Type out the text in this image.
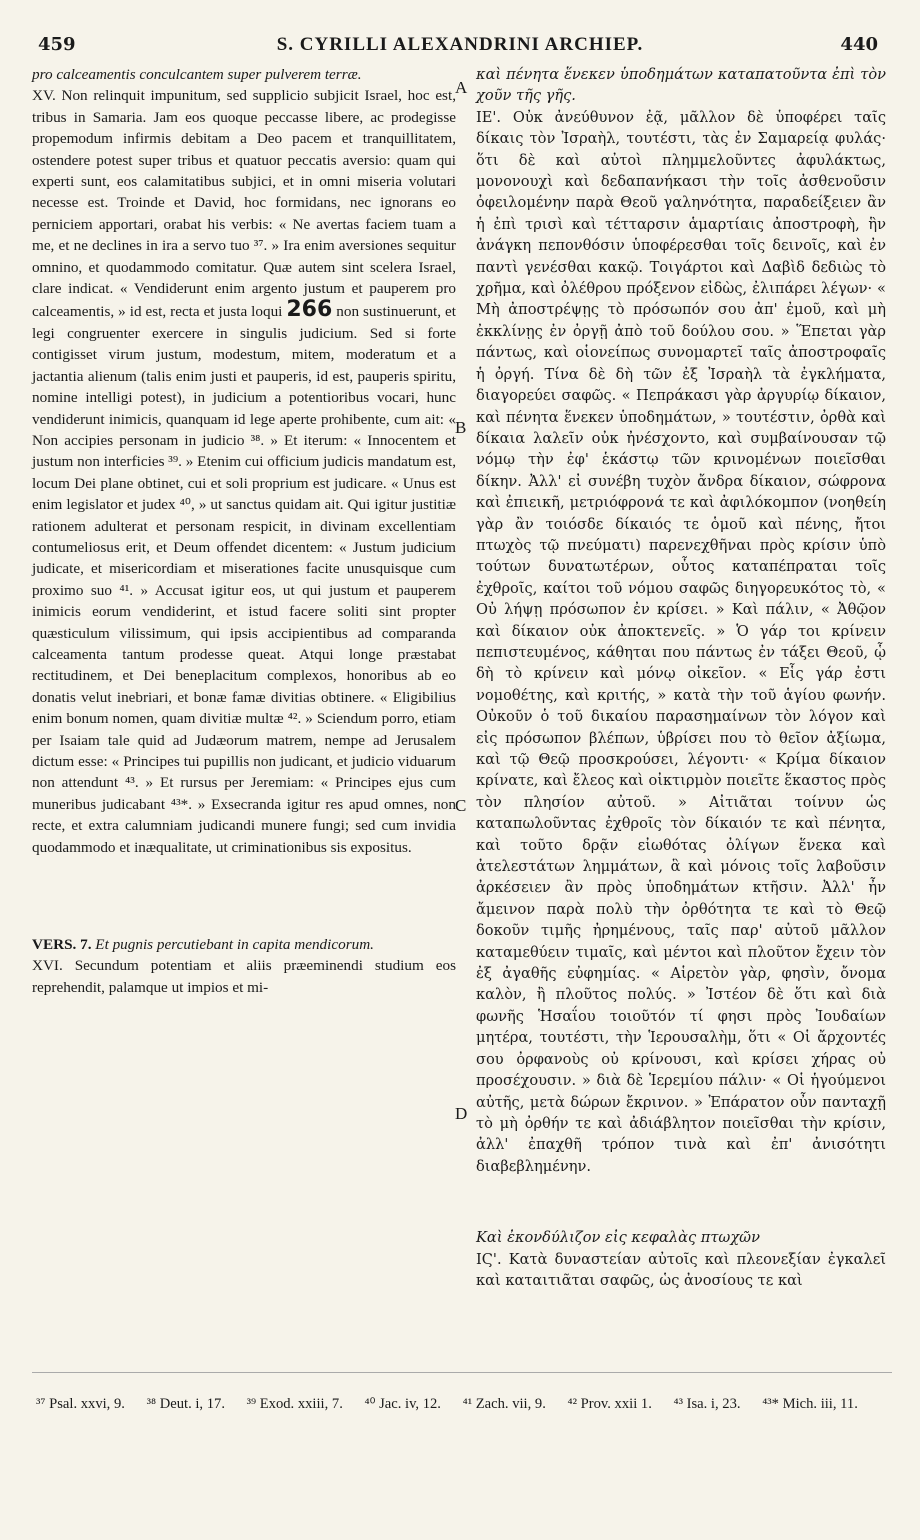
459	S. CYRILLI ALEXANDRINI ARCHIEP.	440

pro calceamentis conculcantem super pulverem terræ.

XV. Non relinquit impunitum, sed supplicio subjicit Israel, hoc est, tribus in Samaria. Jam eos quoque peccasse libere, ac prodegisse propemodum infirmis debitam a Deo pacem et tranquillitatem, ostendere potest super tribus et quatuor peccatis aversio: quam qui experti sunt, eos calamitatibus subjici, et in omni miseria volutari necesse est. Troinde et David, hoc formidans, nec ignorans eo perniciem apportari, orabat his verbis: « Ne avertas faciem tuam a me, et ne declines in ira a servo tuo ³⁷. » Ira enim aversiones sequitur omnino, et quodammodo comitatur. Quæ autem sint scelera Israel, clare indicat. « Vendiderunt enim argento justum et pauperem pro calceamentis, » id est, recta et justa loqui 266 non sustinuerunt, et legi congruenter exercere in singulis judicium. Sed si forte contigisset virum justum, modestum, mitem, moderatum et a jactantia alienum (talis enim justi et pauperis, id est, pauperis spiritu, nomine intelligi potest), in judicium a potentioribus vocari, hunc vendiderunt inimicis, quanquam id lege aperte prohibente, cum ait: « Non accipies personam in judicio ³⁸. » Et iterum: « Innocentem et justum non interficies ³⁹. » Etenim cui officium judicis mandatum est, locum Dei plane obtinet, cui et soli proprium est judicare. « Unus est enim legislator et judex ⁴⁰, » ut sanctus quidam ait. Qui igitur justitiæ rationem adulterat et personam respicit, in divinam excellentiam contumeliosus erit, et Deum offendet dicentem: « Justum judicium judicate, et misericordiam et miserationes facite unusquisque cum proximo suo ⁴¹. » Accusat igitur eos, ut qui justum et pauperem inimicis eorum vendiderint, et istud facere soliti sint propter quæsticulum vilissimum, qui ipsis accipientibus ad comparanda calceamenta tantum prodesse queat. Atqui longe præstabat rectitudinem, et Dei beneplacitum complexos, honoribus ab eo donatis velut inebriari, et bonæ famæ divitias obtinere. « Eligibilius enim bonum nomen, quam divitiæ multæ ⁴². » Sciendum porro, etiam per Isaiam tale quid ad Judæorum matrem, nempe ad Jerusalem dictum esse: « Principes tui pupillis non judicant, et judicio viduarum non attendunt ⁴³. » Et rursus per Jeremiam: « Principes ejus cum muneribus judicabant ⁴³*. » Exsecranda igitur res apud omnes, non recte, et extra calumniam judicandi munere fungi; sed cum invidia quodammodo et inæqualitate, ut criminationibus sis expositus.

VERS. 7. Et pugnis percutiebant in capita mendicorum.

XVI. Secundum potentiam et aliis præeminendi studium eos reprehendit, palamque ut impios et mi-

A
B
C
D

καὶ πένητα ἕνεκεν ὑποδημάτων καταπατοῦντα ἐπὶ τὸν χοῦν τῆς γῆς.

ΙΕ'. Οὐκ ἀνεύθυνον ἐᾷ, μᾶλλον δὲ ὑποφέρει ταῖς δίκαις τὸν Ἰσραὴλ, τουτέστι, τὰς ἐν Σαμαρείᾳ φυλάς· ὅτι δὲ καὶ αὐτοὶ πλημμελοῦντες ἀφυλάκτως, μονονουχὶ καὶ δεδαπανήκασι τὴν τοῖς ἀσθενοῦσιν ὀφειλομένην παρὰ Θεοῦ γαληνότητα, παραδείξειεν ἂν ἡ ἐπὶ τρισὶ καὶ τέτταρσιν ἁμαρτίαις ἀποστροφὴ, ἣν ἀνάγκη πεπονθόσιν ὑποφέρεσθαι τοῖς δεινοῖς, καὶ ἐν παντὶ γενέσθαι κακῷ. Τοιγάρτοι καὶ Δαβὶδ δεδιὼς τὸ χρῆμα, καὶ ὀλέθρου πρόξενον εἰδὼς, ἐλιπάρει λέγων· « Μὴ ἀποστρέψῃς τὸ πρόσωπόν σου ἀπ' ἐμοῦ, καὶ μὴ ἐκκλίνῃς ἐν ὀργῇ ἀπὸ τοῦ δούλου σου. » Ἕπεται γὰρ πάντως, καὶ οἱονείπως συνομαρτεῖ ταῖς ἀποστροφαῖς ἡ ὀργή. Τίνα δὲ δὴ τῶν ἐξ Ἰσραὴλ τὰ ἐγκλήματα, διαγορεύει σαφῶς. « Πεπράκασι γὰρ ἀργυρίῳ δίκαιον, καὶ πένητα ἕνεκεν ὑποδημάτων, » τουτέστιν, ὀρθὰ καὶ δίκαια λαλεῖν οὐκ ἠνέσχοντο, καὶ συμβαίνουσαν τῷ νόμῳ τὴν ἐφ' ἑκάστῳ τῶν κρινομένων ποιεῖσθαι δίκην. Ἀλλ' εἰ συνέβη τυχὸν ἄνδρα δίκαιον, σώφρονα καὶ ἐπιεικῆ, μετριόφρονά τε καὶ ἀφιλόκομπον (νοηθείη γὰρ ἂν τοιόσδε δίκαιός τε ὁμοῦ καὶ πένης, ἤτοι πτωχὸς τῷ πνεύματι) παρενεχθῆναι πρὸς κρίσιν ὑπὸ τούτων δυνατωτέρων, οὗτος καταπέπραται τοῖς ἐχθροῖς, καίτοι τοῦ νόμου σαφῶς διηγορευκότος τὸ, « Οὐ λήψῃ πρόσωπον ἐν κρίσει. » Καὶ πάλιν, « Ἀθῷον καὶ δίκαιον οὐκ ἀποκτενεῖς. » Ὁ γάρ τοι κρίνειν πεπιστευμένος, κάθηται που πάντως ἐν τάξει Θεοῦ, ᾧ δὴ τὸ κρίνειν καὶ μόνῳ οἰκεῖον. « Εἷς γάρ ἐστι νομοθέτης, καὶ κριτής, » κατὰ τὴν τοῦ ἁγίου φωνήν. Οὐκοῦν ὁ τοῦ δικαίου παρασημαίνων τὸν λόγον καὶ εἰς πρόσωπον βλέπων, ὑβρίσει που τὸ θεῖον ἀξίωμα, καὶ τῷ Θεῷ προσκρούσει, λέγοντι· « Κρίμα δίκαιον κρίνατε, καὶ ἔλεος καὶ οἰκτιρμὸν ποιεῖτε ἕκαστος πρὸς τὸν πλησίον αὐτοῦ. » Αἰτιᾶται τοίνυν ὡς καταπωλοῦντας ἐχθροῖς τὸν δίκαιόν τε καὶ πένητα, καὶ τοῦτο δρᾷν εἰωθότας ὀλίγων ἕνεκα καὶ ἀτελεστάτων λημμάτων, ἃ καὶ μόνοις τοῖς λαβοῦσιν ἀρκέσειεν ἂν πρὸς ὑποδημάτων κτῆσιν. Ἀλλ' ἦν ἄμεινον παρὰ πολὺ τὴν ὀρθότητα τε καὶ τὸ Θεῷ δοκοῦν τιμῆς ἠρημένους, ταῖς παρ' αὐτοῦ μᾶλλον καταμεθύειν τιμαῖς, καὶ μέντοι καὶ πλοῦτον ἔχειν τὸν ἐξ ἀγαθῆς εὐφημίας. « Αἱρετὸν γὰρ, φησὶν, ὄνομα καλὸν, ἢ πλοῦτος πολύς. » Ἰστέον δὲ ὅτι καὶ διὰ φωνῆς Ἡσαΐου τοιοῦτόν τί φησι πρὸς Ἰουδαίων μητέρα, τουτέστι, τὴν Ἱερουσαλὴμ, ὅτι « Οἱ ἄρχοντές σου ὀρφανοὺς οὐ κρίνουσι, καὶ κρίσει χήρας οὐ προσέχουσιν. » διὰ δὲ Ἱερεμίου πάλιν· « Οἱ ἡγούμενοι αὐτῆς, μετὰ δώρων ἔκρινον. » Ἐπάρατον οὖν πανταχῇ τὸ μὴ ὀρθήν τε καὶ ἀδιάβλητον ποιεῖσθαι τὴν κρίσιν, ἀλλ' ἐπαχθῆ τρόπον τινὰ καὶ ἐπ' ἀνισότητι διαβεβλημένην.

Καὶ ἐκονδύλιζον εἰς κεφαλὰς πτωχῶν

ΙϚ'. Κατὰ δυναστείαν αὐτοῖς καὶ πλεονεξίαν ἐγκαλεῖ καὶ καταιτιᾶται σαφῶς, ὡς ἀνοσίους τε καὶ

³⁷ Psal. xxvi, 9. ³⁸ Deut. i, 17. ³⁹ Exod. xxiii, 7. ⁴⁰ Jac. iv, 12. ⁴¹ Zach. vii, 9. ⁴² Prov. xxii 1. ⁴³ Isa. i, 23. ⁴³* Mich. iii, 11.
